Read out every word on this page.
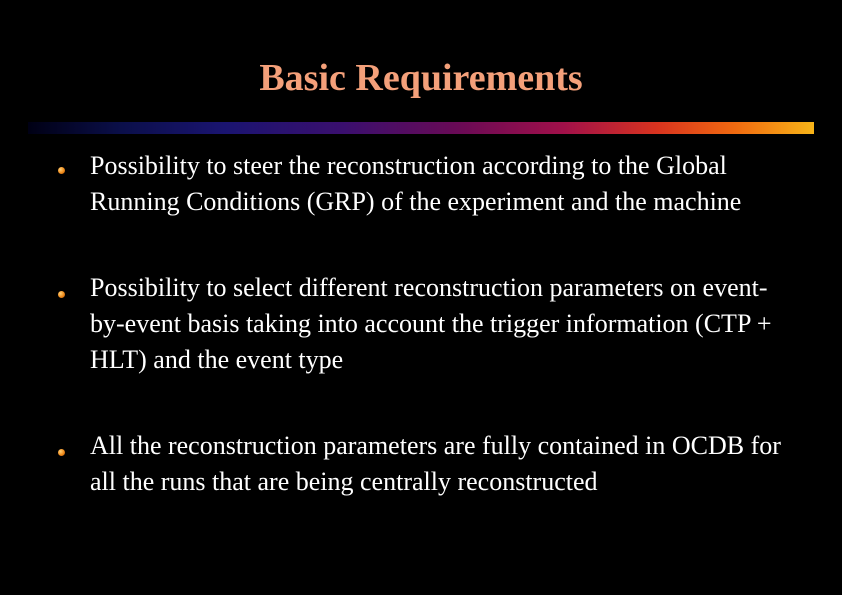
Basic Requirements

Possibility to steer the reconstruction according to the Global Running Conditions (GRP) of the experiment and the machine

Possibility to select different reconstruction parameters on event-by-event basis taking into account the trigger information (CTP + HLT) and the event type

All the reconstruction parameters are fully contained in OCDB for all the runs that are being centrally reconstructed
